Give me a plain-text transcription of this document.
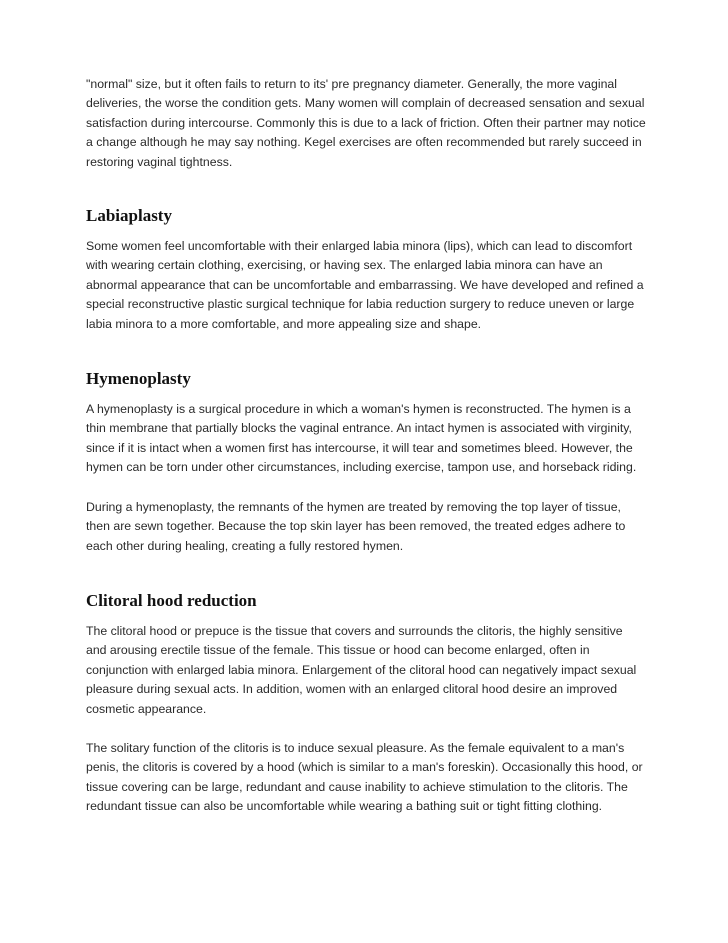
"normal" size, but it often fails to return to its' pre pregnancy diameter. Generally, the more vaginal deliveries, the worse the condition gets. Many women will complain of decreased sensation and sexual satisfaction during intercourse. Commonly this is due to a lack of friction. Often their partner may notice a change although he may say nothing. Kegel exercises are often recommended but rarely succeed in restoring vaginal tightness.

Labiaplasty

Some women feel uncomfortable with their enlarged labia minora (lips), which can lead to discomfort with wearing certain clothing, exercising, or having sex. The enlarged labia minora can have an abnormal appearance that can be uncomfortable and embarrassing. We have developed and refined a special reconstructive plastic surgical technique for labia reduction surgery to reduce uneven or large labia minora to a more comfortable, and more appealing size and shape.

Hymenoplasty

A hymenoplasty is a surgical procedure in which a woman's hymen is reconstructed. The hymen is a thin membrane that partially blocks the vaginal entrance. An intact hymen is associated with virginity, since if it is intact when a women first has intercourse, it will tear and sometimes bleed. However, the hymen can be torn under other circumstances, including exercise, tampon use, and horseback riding.

During a hymenoplasty, the remnants of the hymen are treated by removing the top layer of tissue, then are sewn together. Because the top skin layer has been removed, the treated edges adhere to each other during healing, creating a fully restored hymen.

Clitoral hood reduction

The clitoral hood or prepuce is the tissue that covers and surrounds the clitoris, the highly sensitive and arousing erectile tissue of the female. This tissue or hood can become enlarged, often in conjunction with enlarged labia minora. Enlargement of the clitoral hood can negatively impact sexual pleasure during sexual acts. In addition, women with an enlarged clitoral hood desire an improved cosmetic appearance.

The solitary function of the clitoris is to induce sexual pleasure. As the female equivalent to a man's penis, the clitoris is covered by a hood (which is similar to a man's foreskin). Occasionally this hood, or tissue covering can be large, redundant and cause inability to achieve stimulation to the clitoris. The redundant tissue can also be uncomfortable while wearing a bathing suit or tight fitting clothing.
